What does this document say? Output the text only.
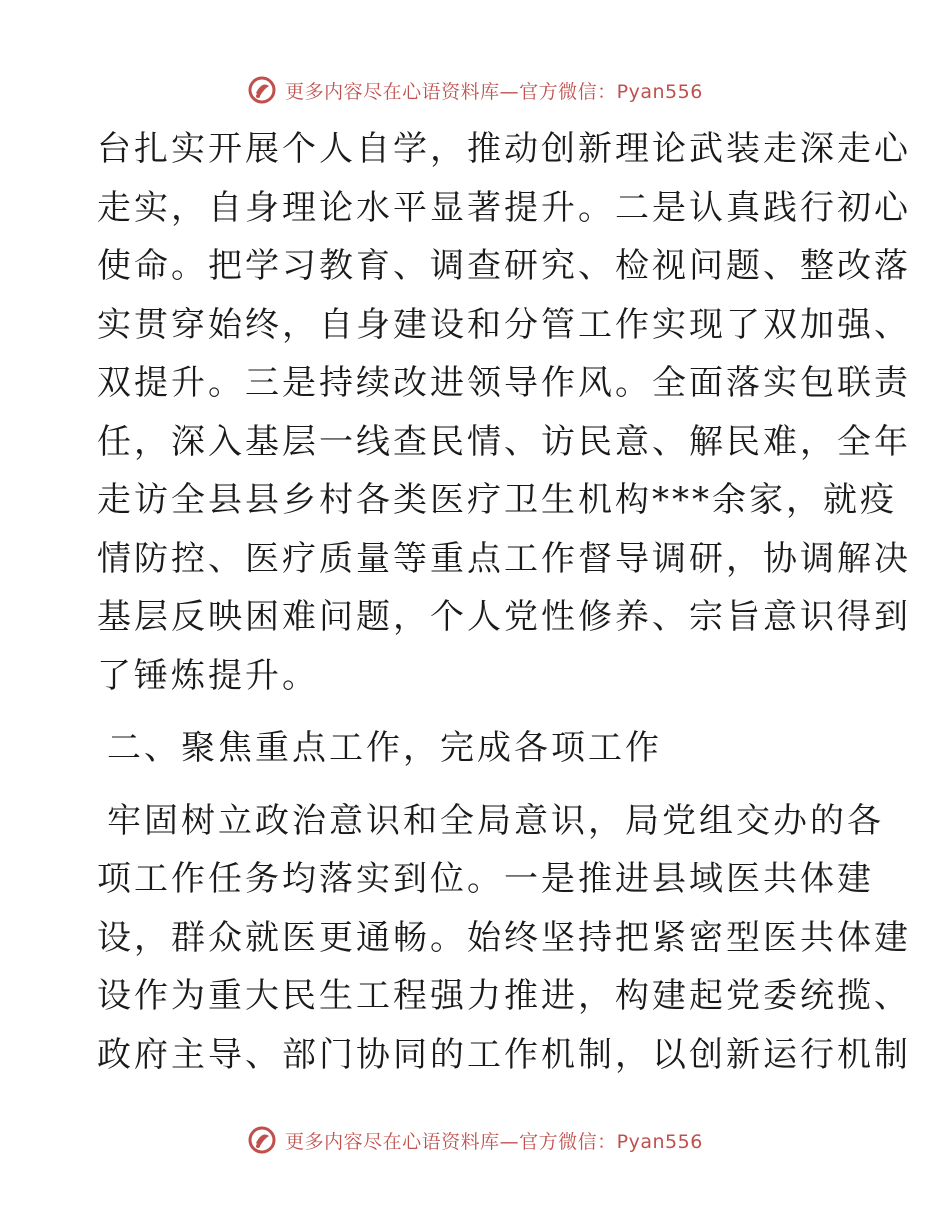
更多内容尽在心语资料库—官方微信：Pyan556
台扎实开展个人自学，推动创新理论武装走深走心
走实，自身理论水平显著提升。二是认真践行初心
使命。把学习教育、调查研究、检视问题、整改落
实贯穿始终，自身建设和分管工作实现了双加强、
双提升。三是持续改进领导作风。全面落实包联责
任，深入基层一线查民情、访民意、解民难，全年
走访全县县乡村各类医疗卫生机构***余家，就疫
情防控、医疗质量等重点工作督导调研，协调解决
基层反映困难问题，个人党性修养、宗旨意识得到
了锤炼提升。
二、聚焦重点工作，完成各项工作
牢固树立政治意识和全局意识，局党组交办的各
项工作任务均落实到位。一是推进县域医共体建
设，群众就医更通畅。始终坚持把紧密型医共体建
设作为重大民生工程强力推进，构建起党委统揽、
政府主导、部门协同的工作机制，以创新运行机制
更多内容尽在心语资料库—官方微信：Pyan556
